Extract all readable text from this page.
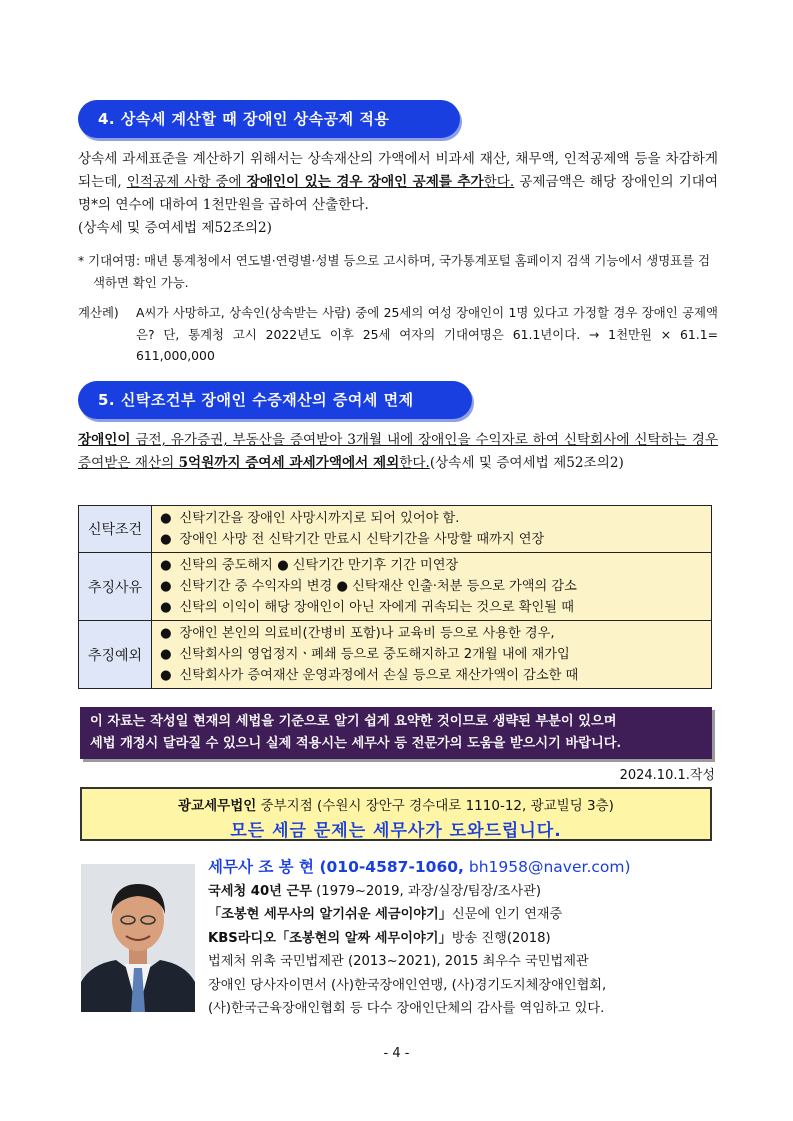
4. 상속세 계산할 때 장애인 상속공제 적용
상속세 과세표준을 계산하기 위해서는 상속재산의 가액에서 비과세 재산, 채무액, 인적공제액 등을 차감하게 되는데, 인적공제 사항 중에 장애인이 있는 경우 장애인 공제를 추가한다. 공제금액은 해당 장애인의 기대여명*의 연수에 대하여 1천만원을 곱하여 산출한다.
(상속세 및 증여세법 제52조의2)
* 기대여명: 매년 통계청에서 연도별·연령별·성별 등으로 고시하며, 국가통계포털 홈페이지 검색 기능에서 생명표를 검색하면 확인 가능.
계산례) A씨가 사망하고, 상속인(상속받는 사람) 중에 25세의 여성 장애인이 1명 있다고 가정할 경우 장애인 공제액은? 단, 통계청 고시 2022년도 이후 25세 여자의 기대여명은 61.1년이다. → 1천만원 × 61.1= 611,000,000
5. 신탁조건부 장애인 수증재산의 증여세 면제
장애인이 금전, 유가증권, 부동산을 증여받아 3개월 내에 장애인을 수익자로 하여 신탁회사에 신탁하는 경우 증여받은 재산의 5억원까지 증여세 과세가액에서 제외한다.(상속세 및 증여세법 제52조의2)
신탁조건	● 신탁기간을 장애인 사망시까지로 되어 있어야 함.
● 장애인 사망 전 신탁기간 만료시 신탁기간을 사망할 때까지 연장

추징사유	● 신탁의 중도해지 ● 신탁기간 만기후 기간 미연장
● 신탁기간 중 수익자의 변경 ● 신탁재산 인출·처분 등으로 가액의 감소
● 신탁의 이익이 해당 장애인이 아닌 자에게 귀속되는 것으로 확인될 때

추징예외	● 장애인 본인의 의료비(간병비 포함)나 교육비 등으로 사용한 경우,
● 신탁회사의 영업정지ㆍ폐쇄 등으로 중도해지하고 2개월 내에 재가입
● 신탁회사가 증여재산 운영과정에서 손실 등으로 재산가액이 감소한 때
이 자료는 작성일 현재의 세법을 기준으로 알기 쉽게 요약한 것이므로 생략된 부분이 있으며
세법 개정시 달라질 수 있으니 실제 적용시는 세무사 등 전문가의 도움을 받으시기 바랍니다.
2024.10.1.작성
광교세무법인 중부지점 (수원시 장안구 경수대로 1110-12, 광교빌딩 3층)
모든 세금 문제는 세무사가 도와드립니다.
세무사 조 봉 현 (010-4587-1060, bh1958@naver.com)
국세청 40년 근무 (1979~2019, 과장/실장/팀장/조사관)
「조봉현 세무사의 알기쉬운 세금이야기」신문에 인기 연재중
KBS라디오「조봉현의 알짜 세무이야기」방송 진행(2018)
법제처 위촉 국민법제관 (2013~2021), 2015 최우수 국민법제관
장애인 당사자이면서 (사)한국장애인연맹, (사)경기도지체장애인협회,
(사)한국근육장애인협회 등 다수 장애인단체의 감사를 역임하고 있다.
- 4 -
